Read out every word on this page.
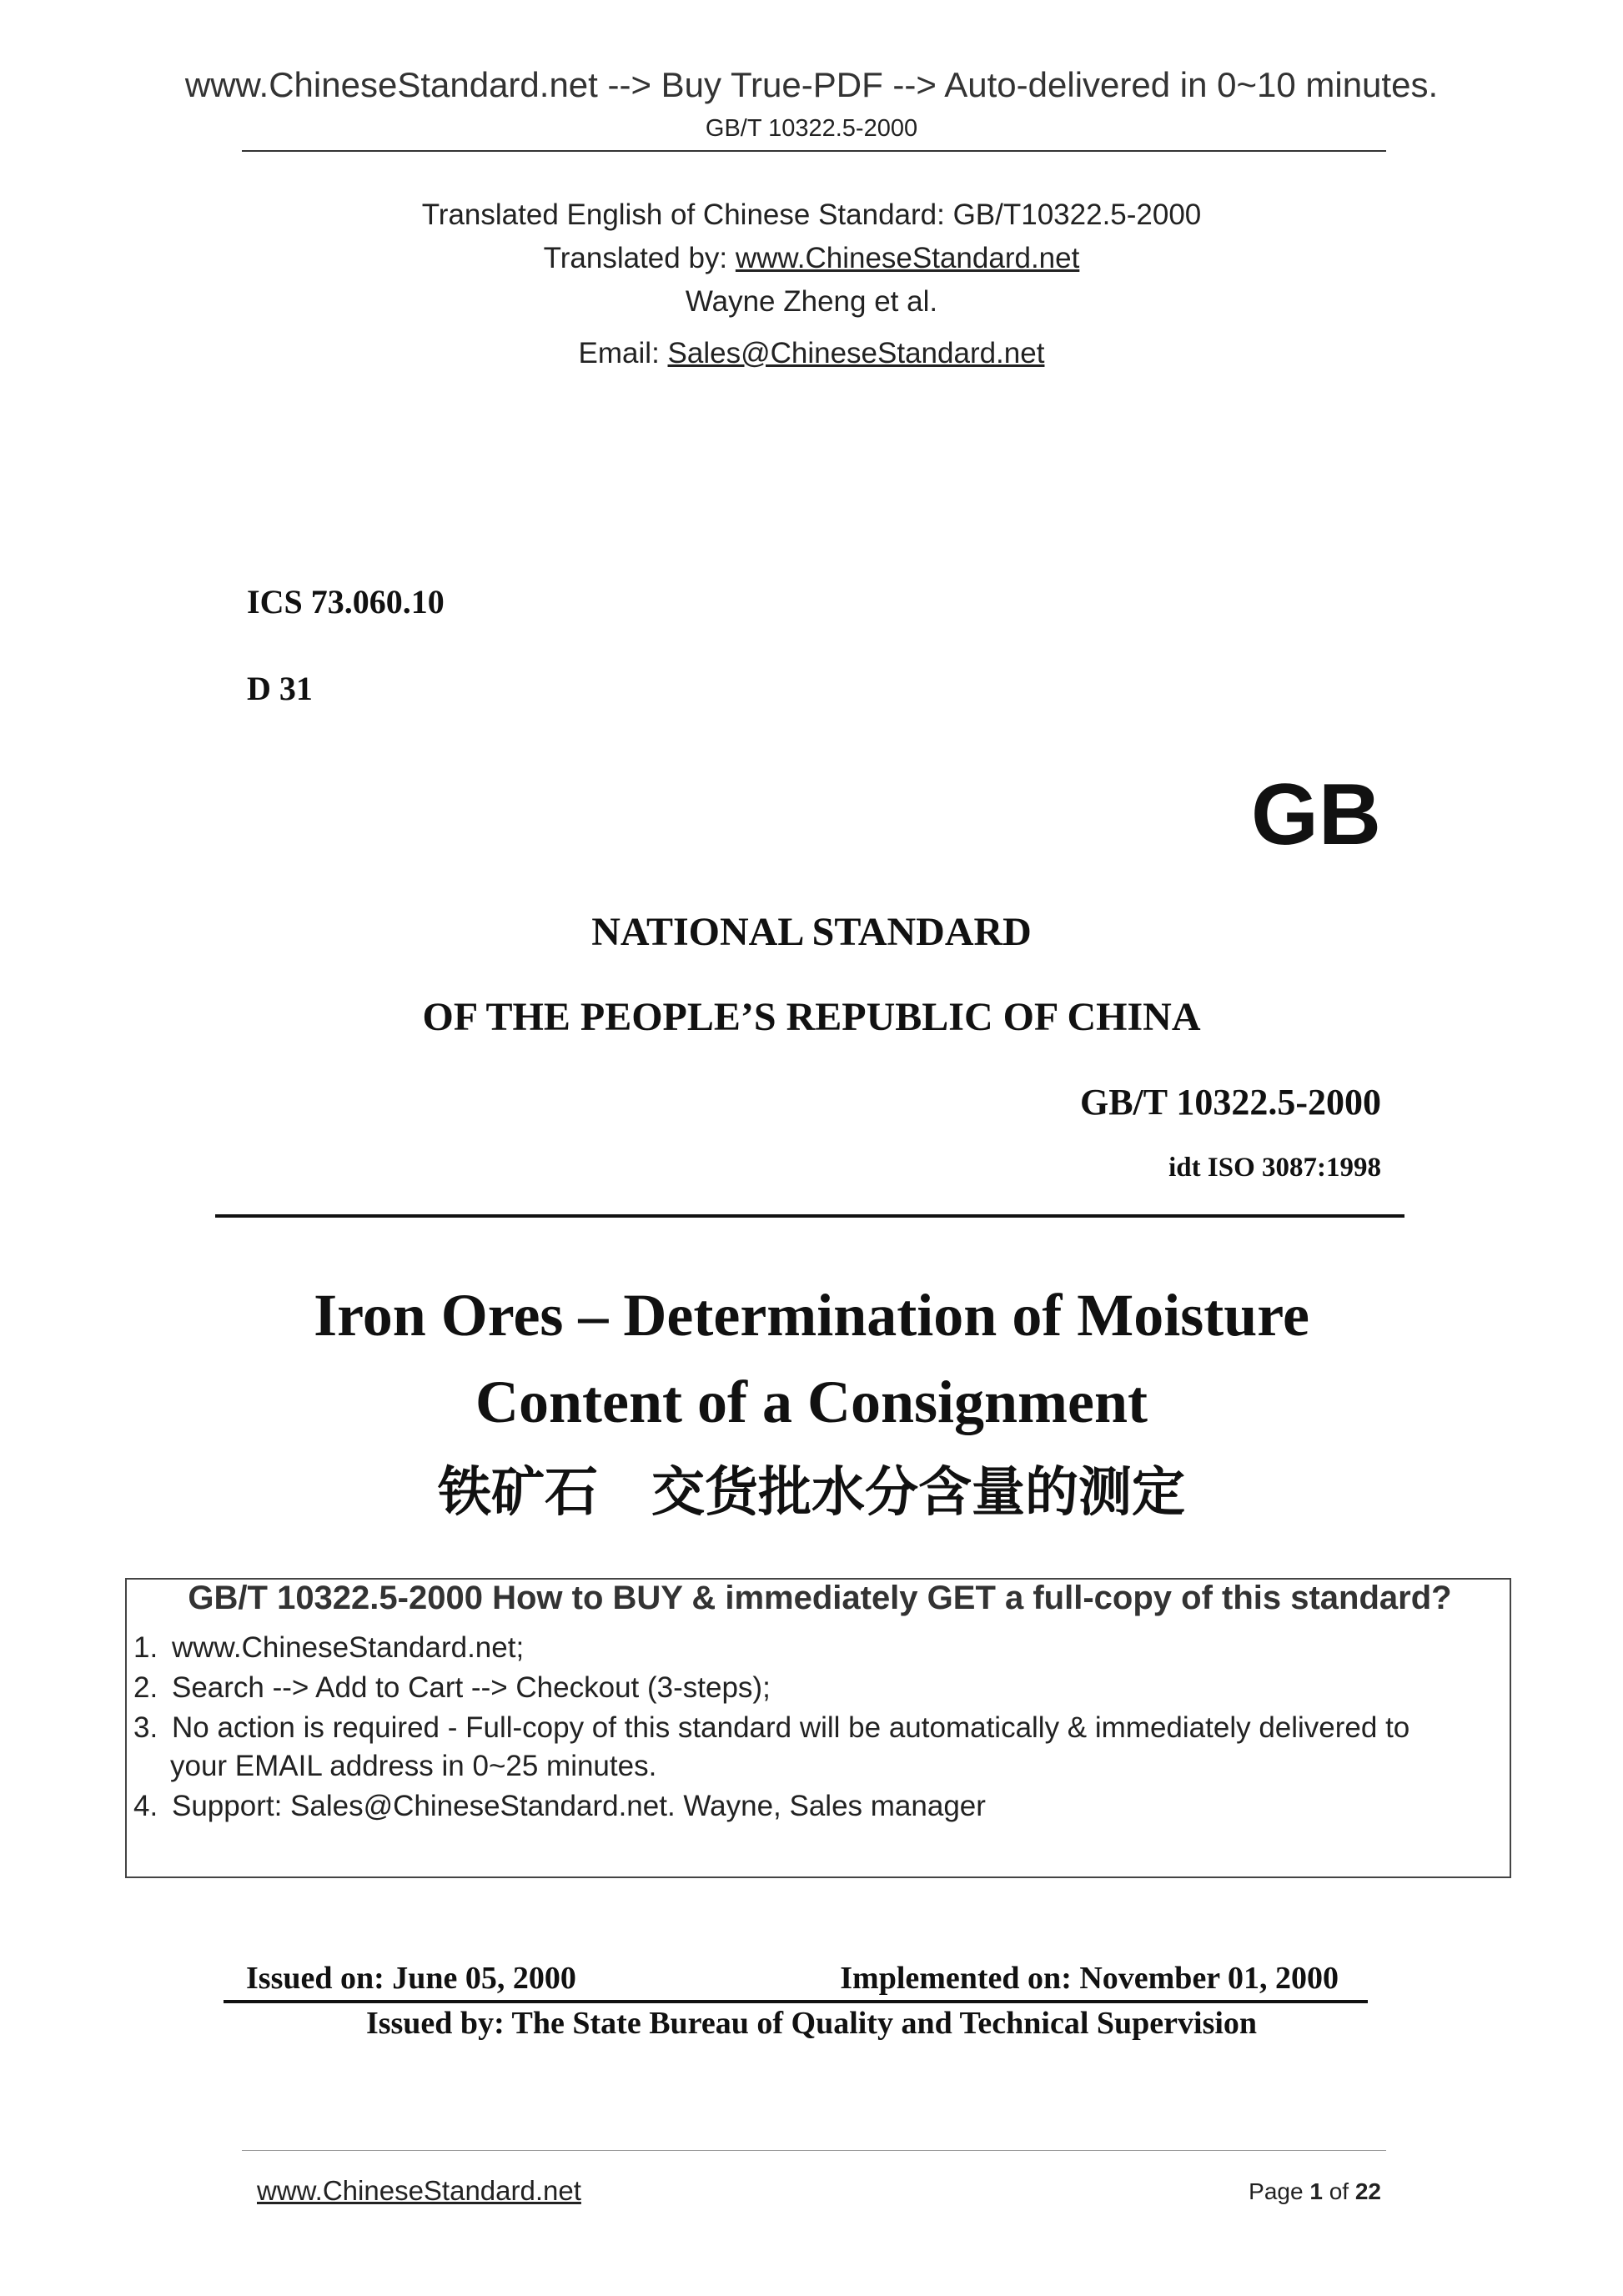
www.ChineseStandard.net --> Buy True-PDF --> Auto-delivered in 0~10 minutes.
GB/T 10322.5-2000
Translated English of Chinese Standard: GB/T10322.5-2000
Translated by: www.ChineseStandard.net
Wayne Zheng et al.
Email: Sales@ChineseStandard.net
ICS 73.060.10
D 31
GB
NATIONAL STANDARD
OF THE PEOPLE’S REPUBLIC OF CHINA
GB/T 10322.5-2000
idt ISO 3087:1998
Iron Ores – Determination of Moisture
Content of a Consignment
铁矿石　交货批水分含量的测定
GB/T 10322.5-2000 How to BUY & immediately GET a full-copy of this standard?
1. www.ChineseStandard.net;
2. Search --> Add to Cart --> Checkout (3-steps);
3. No action is required - Full-copy of this standard will be automatically & immediately delivered to
your EMAIL address in 0~25 minutes.
4. Support: Sales@ChineseStandard.net. Wayne, Sales manager
Issued on: June 05, 2000	Implemented on: November 01, 2000
Issued by: The State Bureau of Quality and Technical Supervision
www.ChineseStandard.net	Page 1 of 22
